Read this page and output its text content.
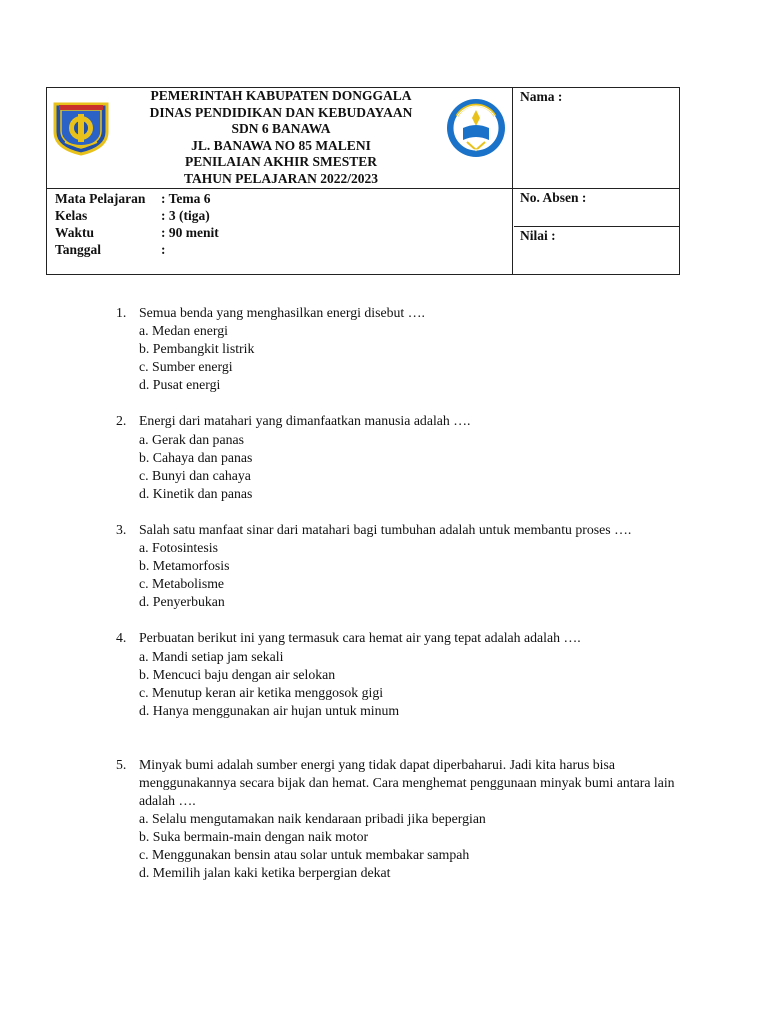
PEMERINTAH KABUPATEN DONGGALA
DINAS PENDIDIKAN DAN KEBUDAYAAN
SDN 6 BANAWA
JL. BANAWA NO 85 MALENI
PENILAIAN AKHIR SMESTER
TAHUN PELAJARAN 2022/2023
Nama :
No. Absen :
Nilai :
Mata Pelajaran	: Tema 6
Kelas	: 3 (tiga)
Waktu	: 90 menit
Tanggal	:
1. Semua benda yang menghasilkan energi disebut ….
a. Medan energi
b. Pembangkit listrik
c. Sumber energi
d. Pusat energi
2. Energi dari matahari yang dimanfaatkan manusia adalah ….
a. Gerak dan panas
b. Cahaya dan panas
c. Bunyi dan cahaya
d. Kinetik dan panas
3. Salah satu manfaat sinar dari matahari bagi tumbuhan adalah untuk membantu proses ….
a. Fotosintesis
b. Metamorfosis
c. Metabolisme
d. Penyerbukan
4. Perbuatan berikut ini yang termasuk cara hemat air yang tepat adalah adalah ….
a. Mandi setiap jam sekali
b. Mencuci baju dengan air selokan
c. Menutup keran air ketika menggosok gigi
d. Hanya menggunakan air hujan untuk minum
5. Minyak bumi adalah sumber energi yang tidak dapat diperbaharui. Jadi kita harus bisa menggunakannya secara bijak dan hemat. Cara menghemat penggunaan minyak bumi antara lain adalah ….
a. Selalu mengutamakan naik kendaraan pribadi jika bepergian
b. Suka bermain-main dengan naik motor
c. Menggunakan bensin atau solar untuk membakar sampah
d. Memilih jalan kaki ketika berpergian dekat
